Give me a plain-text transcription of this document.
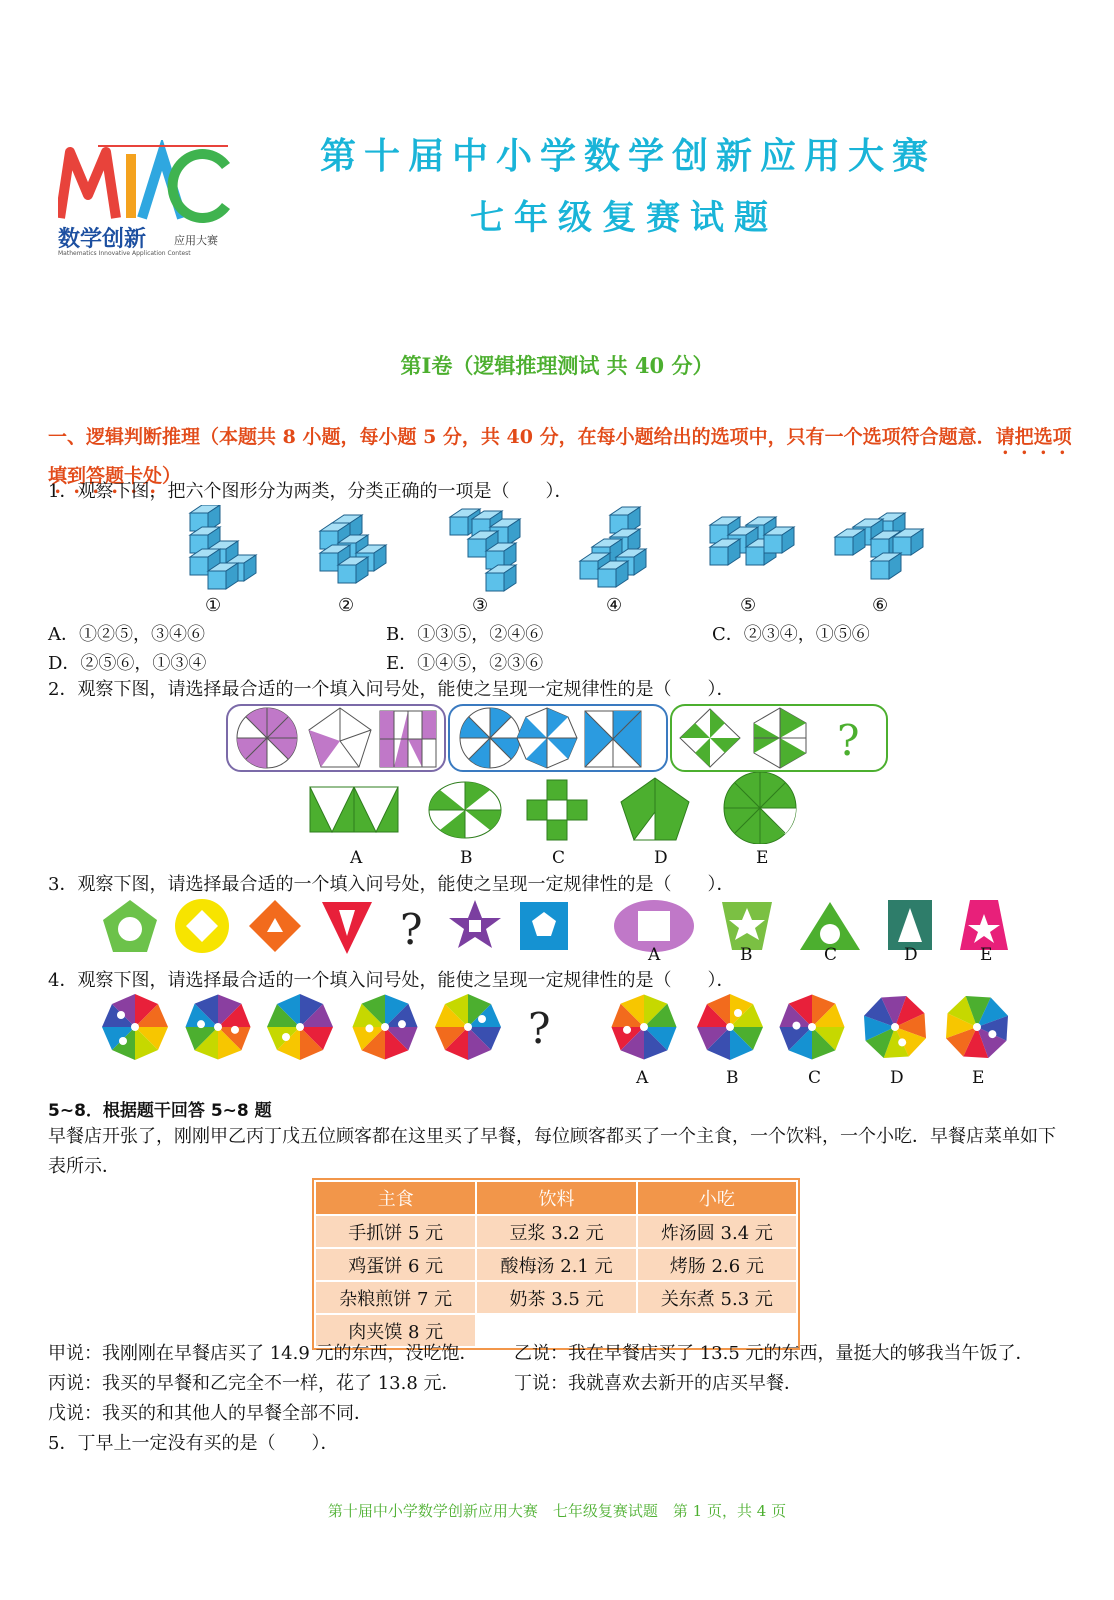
数学创新	应用大赛
Mathematics Innovative Application Contest
第十届中小学数学创新应用大赛
七年级复赛试题
第Ⅰ卷（逻辑推理测试 共 40 分）
一、逻辑判断推理（本题共 8 小题，每小题 5 分，共 40 分，在每小题给出的选项中，只有一个选项符合题意．请把选项填到答题卡处）
1．观察下图，把六个图形分为两类，分类正确的一项是（　　）．
①	②	③	④	⑤	⑥
A．①②⑤，③④⑥	B．①③⑤，②④⑥	C．②③④，①⑤⑥
D．②⑤⑥，①③④	E．①④⑤，②③⑥
2．观察下图，请选择最合适的一个填入问号处，能使之呈现一定规律性的是（　　）．
?
A	B	C	D	E
3．观察下图，请选择最合适的一个填入问号处，能使之呈现一定规律性的是（　　）．
?
A	B	C	D	E
4．观察下图，请选择最合适的一个填入问号处，能使之呈现一定规律性的是（　　）．
?
A	B	C	D	E
5~8．根据题干回答 5~8 题
早餐店开张了，刚刚甲乙丙丁戊五位顾客都在这里买了早餐，每位顾客都买了一个主食，一个饮料，一个小吃．早餐店菜单如下表所示．
主食	饮料	小吃
手抓饼 5 元	豆浆 3.2 元	炸汤圆 3.4 元
鸡蛋饼 6 元	酸梅汤 2.1 元	烤肠 2.6 元
杂粮煎饼 7 元	奶茶 3.5 元	关东煮 5.3 元
肉夹馍 8 元		
甲说：我刚刚在早餐店买了 14.9 元的东西，没吃饱． 乙说：我在早餐店买了 13.5 元的东西，量挺大的够我当午饭了．
丙说：我买的早餐和乙完全不一样，花了 13.8 元．	丁说：我就喜欢去新开的店买早餐．
戊说：我买的和其他人的早餐全部不同．
5．丁早上一定没有买的是（　　）．
第十届中小学数学创新应用大赛　七年级复赛试题　第 1 页，共 4 页
